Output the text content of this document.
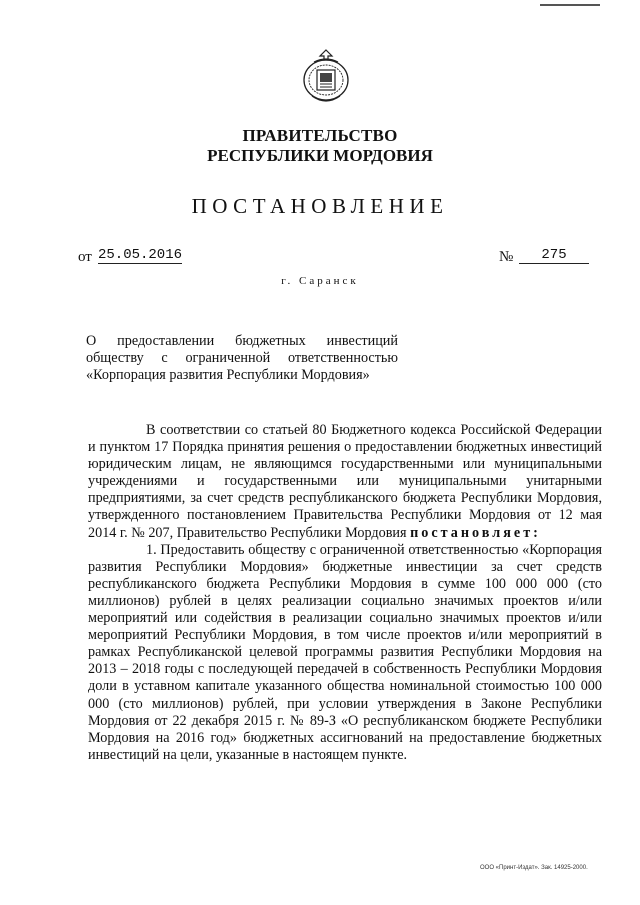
ПРАВИТЕЛЬСТВО
РЕСПУБЛИКИ МОРДОВИЯ
ПОСТАНОВЛЕНИЕ
от 25.05.2016	№	275
г. Саранск
О предоставлении бюджетных инвестиций
обществу с ограниченной ответственностью
«Корпорация развития Республики Мордовия»

В соответствии со статьей 80 Бюджетного кодекса Российской Федерации и пунктом 17 Порядка принятия решения о предоставлении бюджетных инвестиций юридическим лицам, не являющимся государственными или муниципальными учреждениями и государственными или муниципальными унитарными предприятиями, за счет средств республиканского бюджета Республики Мордовия, утвержденного постановлением Правительства Республики Мордовия от 12 мая 2014 г. № 207, Правительство Республики Мордовия постановляет:

1. Предоставить обществу с ограниченной ответственностью «Корпорация развития Республики Мордовия» бюджетные инвестиции за счет средств республиканского бюджета Республики Мордовия в сумме 100 000 000 (сто миллионов) рублей в целях реализации социально значимых проектов и/или мероприятий или содействия в реализации социально значимых проектов и/или мероприятий Республики Мордовия, в том числе проектов и/или мероприятий в рамках Республиканской целевой программы развития Республики Мордовия на 2013 – 2018 годы с последующей передачей в собственность Республики Мордовия доли в уставном капитале указанного общества номинальной стоимостью 100 000 000 (сто миллионов) рублей, при условии утверждения в Законе Республики Мордовия от 22 декабря 2015 г. № 89-З «О республиканском бюджете Республики Мордовия на 2016 год» бюджетных ассигнований на предоставление бюджетных инвестиций на цели, указанные в настоящем пункте.

ООО «Принт-Издат». Зак. 14925-2000.
